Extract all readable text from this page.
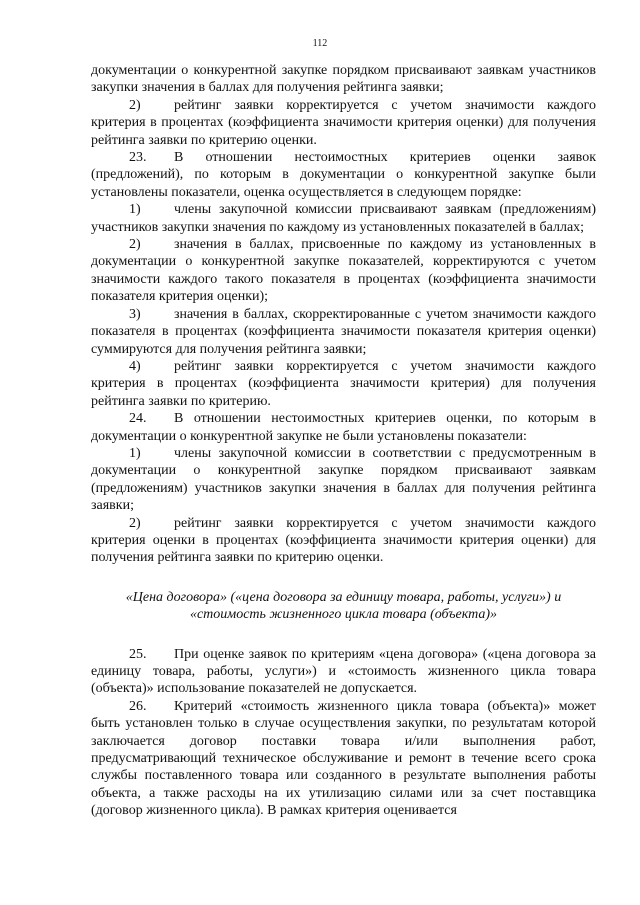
112

документации о конкурентной закупке порядком присваивают заявкам участников закупки значения в баллах для получения рейтинга заявки;

2) рейтинг заявки корректируется с учетом значимости каждого критерия в процентах (коэффициента значимости критерия оценки) для получения рейтинга заявки по критерию оценки.

23. В отношении нестоимостных критериев оценки заявок (предложений), по которым в документации о конкурентной закупке были установлены показатели, оценка осуществляется в следующем порядке:

1) члены закупочной комиссии присваивают заявкам (предложениям) участников закупки значения по каждому из установленных показателей в баллах;

2) значения в баллах, присвоенные по каждому из установленных в документации о конкурентной закупке показателей, корректируются с учетом значимости каждого такого показателя в процентах (коэффициента значимости показателя критерия оценки);

3) значения в баллах, скорректированные с учетом значимости каждого показателя в процентах (коэффициента значимости показателя критерия оценки) суммируются для получения рейтинга заявки;

4) рейтинг заявки корректируется с учетом значимости каждого критерия в процентах (коэффициента значимости критерия) для получения рейтинга заявки по критерию.

24. В отношении нестоимостных критериев оценки, по которым в документации о конкурентной закупке не были установлены показатели:

1) члены закупочной комиссии в соответствии с предусмотренным в документации о конкурентной закупке порядком присваивают заявкам (предложениям) участников закупки значения в баллах для получения рейтинга заявки;

2) рейтинг заявки корректируется с учетом значимости каждого критерия оценки в процентах (коэффициента значимости критерия оценки) для получения рейтинга заявки по критерию оценки.

«Цена договора» («цена договора за единицу товара, работы, услуги») и «стоимость жизненного цикла товара (объекта)»

25. При оценке заявок по критериям «цена договора» («цена договора за единицу товара, работы, услуги») и «стоимость жизненного цикла товара (объекта)» использование показателей не допускается.

26. Критерий «стоимость жизненного цикла товара (объекта)» может быть установлен только в случае осуществления закупки, по результатам которой заключается договор поставки товара и/или выполнения работ, предусматривающий техническое обслуживание и ремонт в течение всего срока службы поставленного товара или созданного в результате выполнения работы объекта, а также расходы на их утилизацию силами или за счет поставщика (договор жизненного цикла). В рамках критерия оценивается
